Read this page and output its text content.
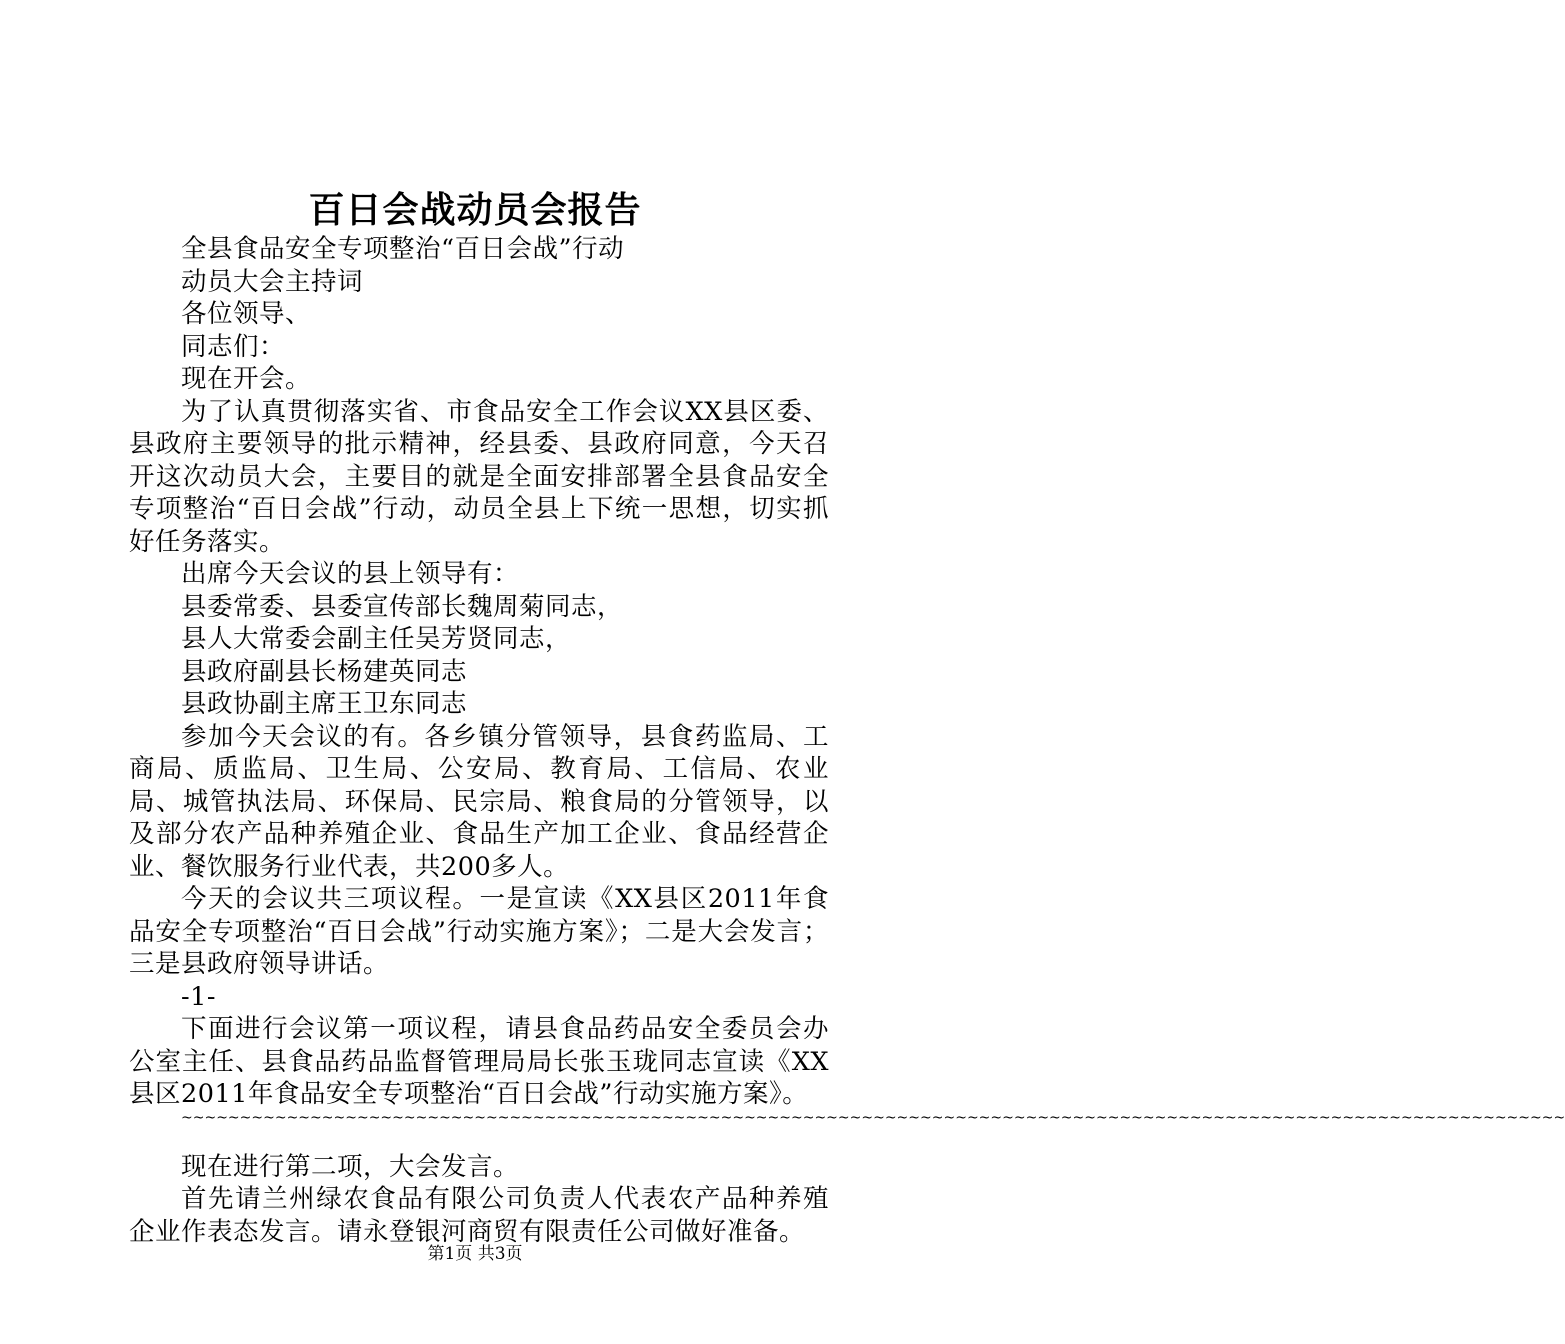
百日会战动员会报告

全县食品安全专项整治“百日会战”行动

动员大会主持词

各位领导、

同志们：

现在开会。

为了认真贯彻落实省、市食品安全工作会议XX县区委、县政府主要领导的批示精神，经县委、县政府同意，今天召开这次动员大会，主要目的就是全面安排部署全县食品安全专项整治“百日会战”行动，动员全县上下统一思想，切实抓好任务落实。

出席今天会议的县上领导有：

县委常委、县委宣传部长魏周菊同志，

县人大常委会副主任吴芳贤同志，

县政府副县长杨建英同志

县政协副主席王卫东同志

参加今天会议的有。各乡镇分管领导，县食药监局、工商局、质监局、卫生局、公安局、教育局、工信局、农业局、城管执法局、环保局、民宗局、粮食局的分管领导，以及部分农产品种养殖企业、食品生产加工企业、食品经营企业、餐饮服务行业代表，共200多人。

今天的会议共三项议程。一是宣读《XX县区2011年食品安全专项整治“百日会战”行动实施方案》；二是大会发言；三是县政府领导讲话。

-1-

下面进行会议第一项议程，请县食品药品安全委员会办公室主任、县食品药品监督管理局局长张玉珑同志宣读《XX县区2011年食品安全专项整治“百日会战”行动实施方案》。

~~~~~~~~~~~~~~~~~~~~~~~~~~~~~~~~~~~~~~~~~~~~~~~~~~~~~~~~~~~~~~~~~~~~~~~~~~~~~~~~~~~~~~~~~~~~~~~~~~~~~~~~~~~~~~~~~~~~~~

现在进行第二项，大会发言。

首先请兰州绿农食品有限公司负责人代表农产品种养殖企业作表态发言。请永登银河商贸有限责任公司做好准备。

第1页 共3页
